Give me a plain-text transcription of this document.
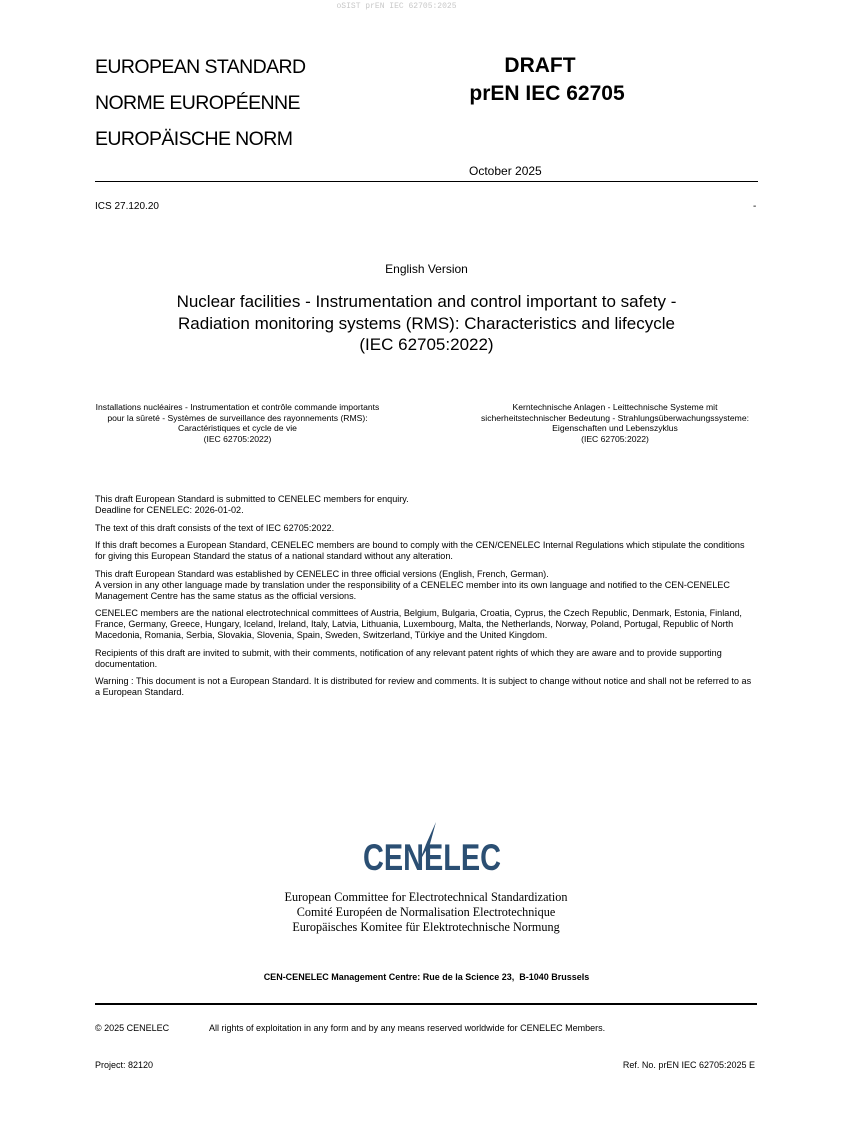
oSIST prEN IEC 62705:2025
EUROPEAN STANDARD
NORME EUROPÉENNE
EUROPÄISCHE NORM
DRAFT
prEN IEC 62705
October 2025
ICS 27.120.20	-
English Version
Nuclear facilities - Instrumentation and control important to safety - Radiation monitoring systems (RMS): Characteristics and lifecycle
(IEC 62705:2022)
Installations nucléaires - Instrumentation et contrôle commande importants pour la sûreté - Systèmes de surveillance des rayonnements (RMS): Caractéristiques et cycle de vie
(IEC 62705:2022)
Kerntechnische Anlagen - Leittechnische Systeme mit sicherheitstechnischer Bedeutung - Strahlungsüberwachungssysteme: Eigenschaften und Lebenszyklus
(IEC 62705:2022)

This draft European Standard is submitted to CENELEC members for enquiry.
Deadline for CENELEC: 2026-01-02.

The text of this draft consists of the text of IEC 62705:2022.

If this draft becomes a European Standard, CENELEC members are bound to comply with the CEN/CENELEC Internal Regulations which stipulate the conditions for giving this European Standard the status of a national standard without any alteration.

This draft European Standard was established by CENELEC in three official versions (English, French, German).
A version in any other language made by translation under the responsibility of a CENELEC member into its own language and notified to the CEN-CENELEC Management Centre has the same status as the official versions.

CENELEC members are the national electrotechnical committees of Austria, Belgium, Bulgaria, Croatia, Cyprus, the Czech Republic, Denmark, Estonia, Finland, France, Germany, Greece, Hungary, Iceland, Ireland, Italy, Latvia, Lithuania, Luxembourg, Malta, the Netherlands, Norway, Poland, Portugal, Republic of North Macedonia, Romania, Serbia, Slovakia, Slovenia, Spain, Sweden, Switzerland, Türkiye and the United Kingdom.

Recipients of this draft are invited to submit, with their comments, notification of any relevant patent rights of which they are aware and to provide supporting documentation.

Warning : This document is not a European Standard. It is distributed for review and comments. It is subject to change without notice and shall not be referred to as a European Standard.

CENELEC
European Committee for Electrotechnical Standardization
Comité Européen de Normalisation Electrotechnique
Europäisches Komitee für Elektrotechnische Normung
CEN-CENELEC Management Centre: Rue de la Science 23,  B-1040 Brussels
© 2025 CENELEC	All rights of exploitation in any form and by any means reserved worldwide for CENELEC Members.
Project: 82120	Ref. No. prEN IEC 62705:2025 E
